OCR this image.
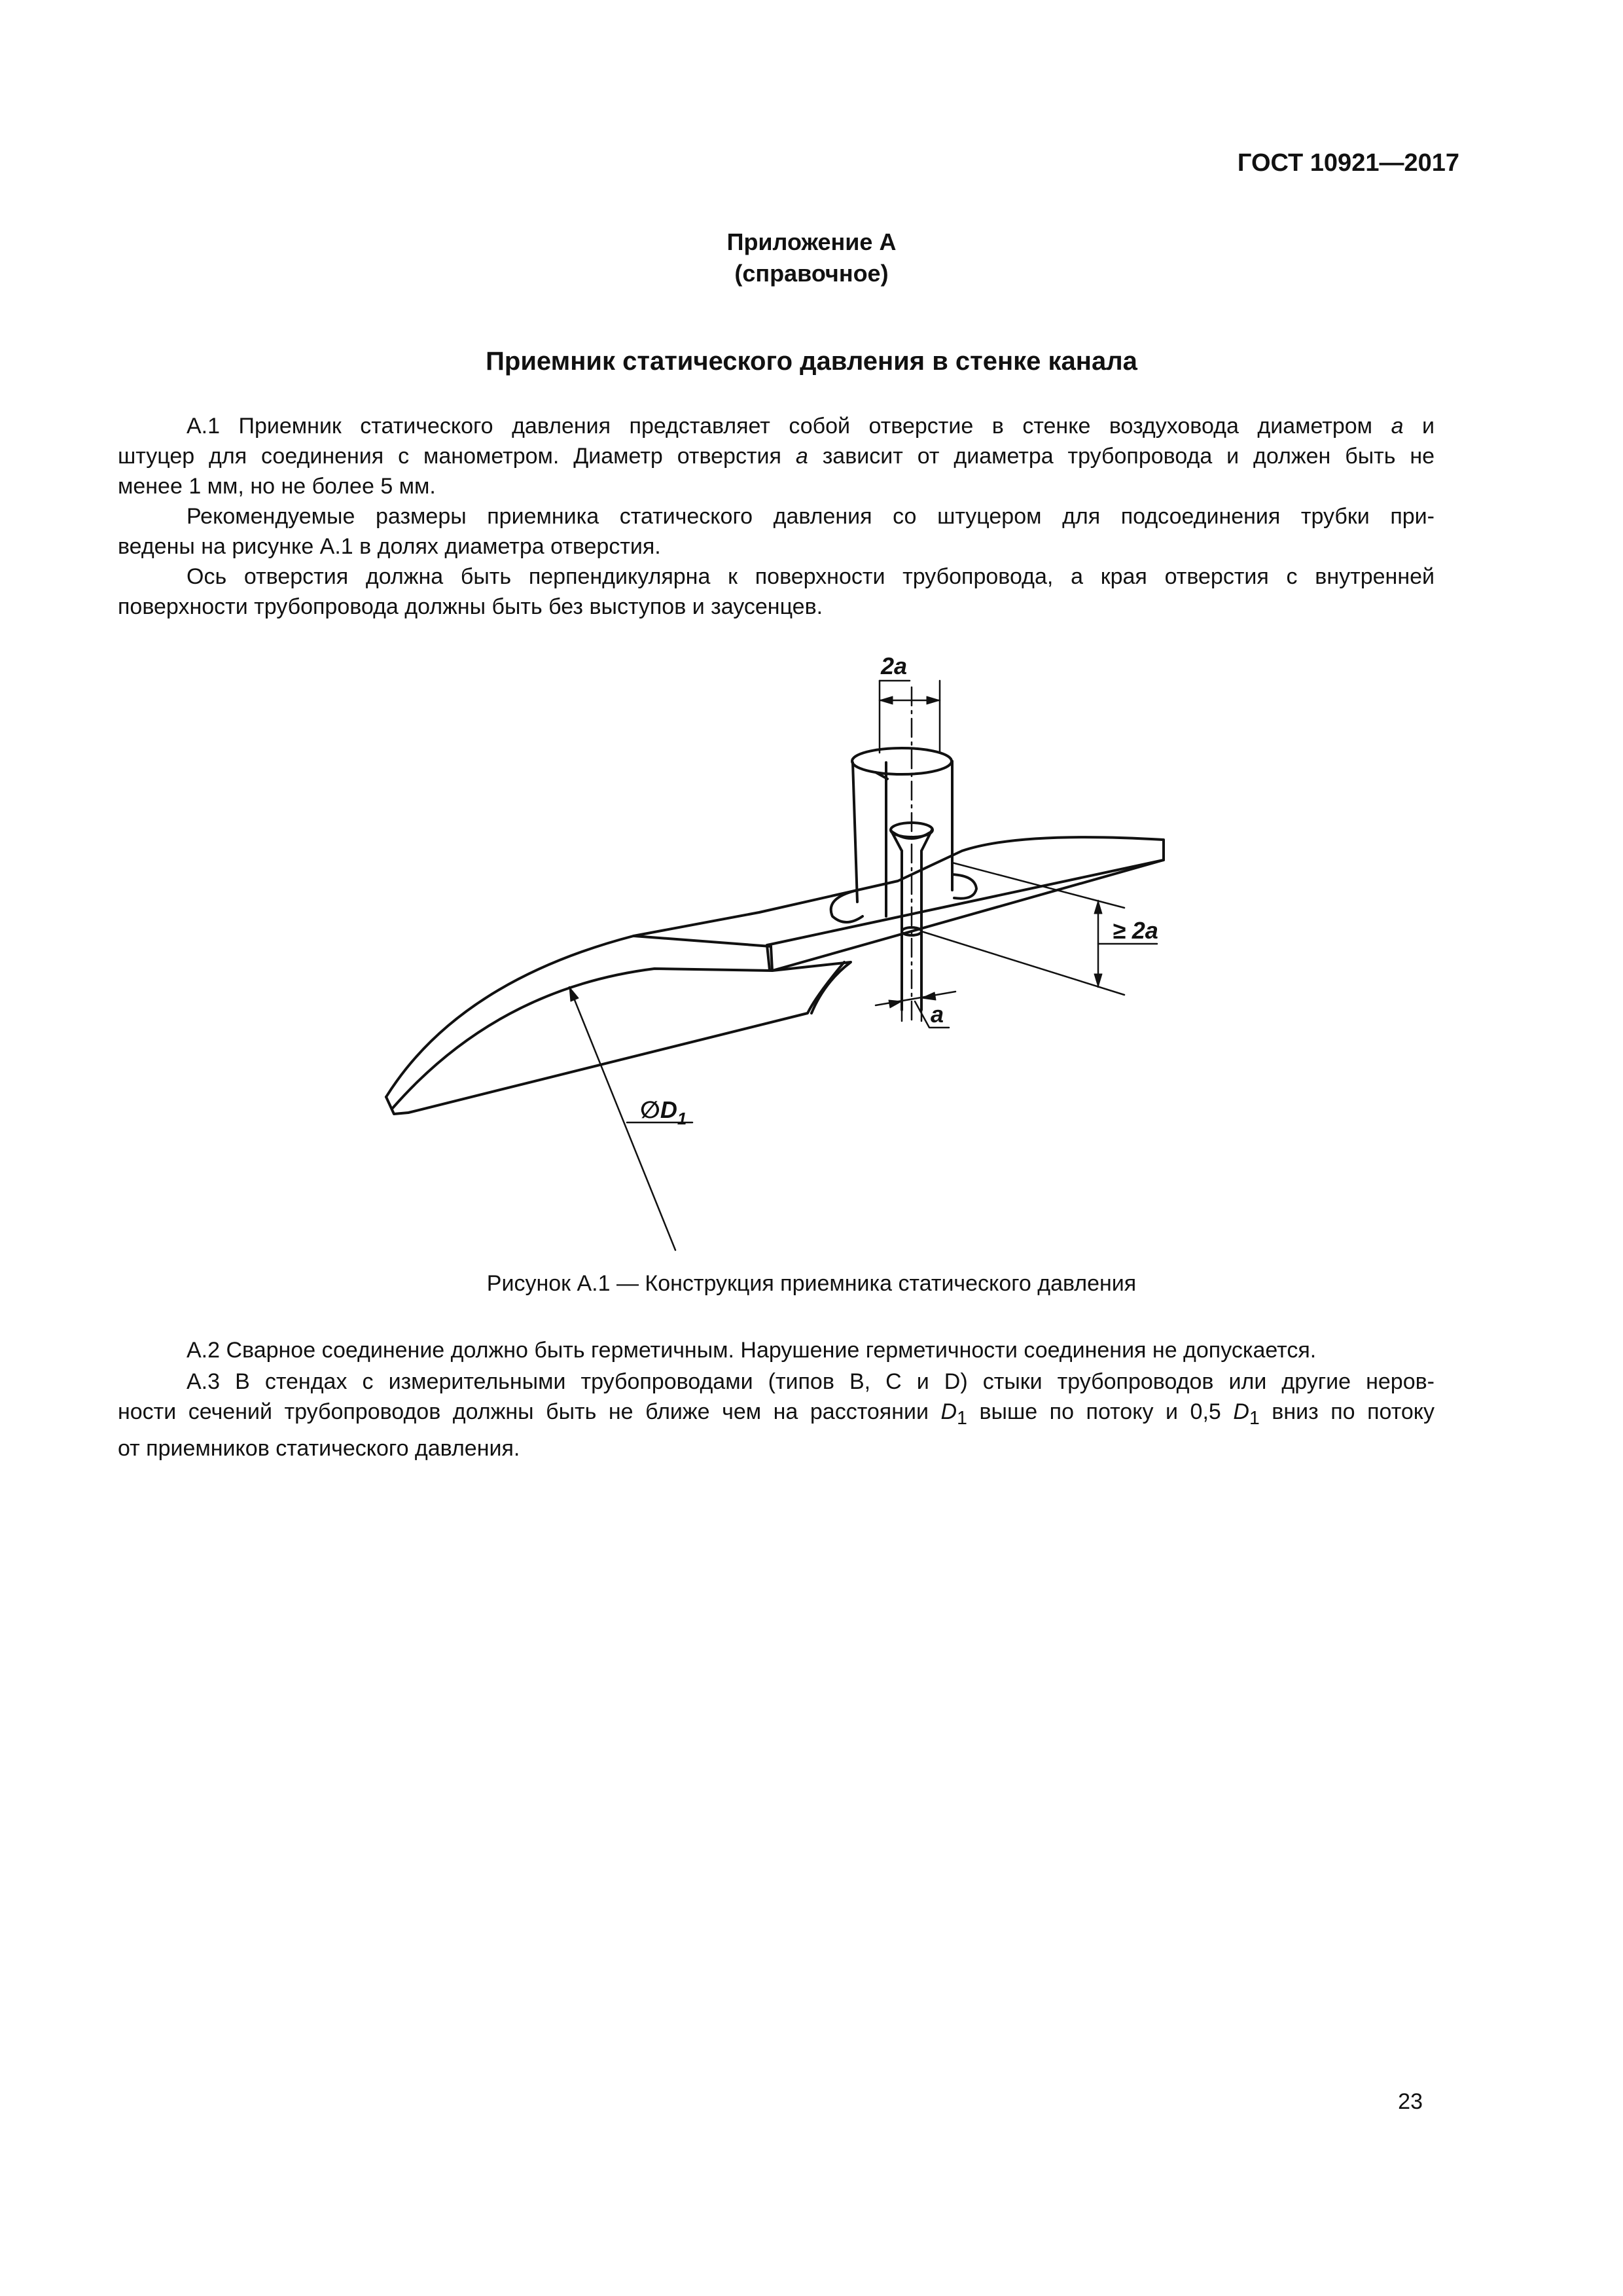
ГОСТ 10921—2017
Приложение А
(справочное)
Приемник статического давления в стенке канала
А.1 Приемник статического давления представляет собой отверстие в стенке воздуховода диаметром а и
штуцер для соединения с манометром. Диаметр отверстия а зависит от диаметра трубопровода и должен быть не
менее 1 мм, но не более 5 мм.
Рекомендуемые размеры приемника статического давления со штуцером для подсоединения трубки при-
ведены на рисунке А.1 в долях диаметра отверстия.
Ось отверстия должна быть перпендикулярна к поверхности трубопровода, а края отверстия с внутренней
поверхности трубопровода должны быть без выступов и заусенцев.
2a
≥ 2a
a
$\emptyset D_1$
Рисунок А.1 — Конструкция приемника статического давления
А.2 Сварное соединение должно быть герметичным. Нарушение герметичности соединения не допускается.
А.3 В стендах с измерительными трубопроводами (типов В, С и D) стыки трубопроводов или другие неров-
ности сечений трубопроводов должны быть не ближе чем на расстоянии $D_1$ выше по потоку и 0,5 $D_1$ вниз по потоку
от приемников статического давления.
23
